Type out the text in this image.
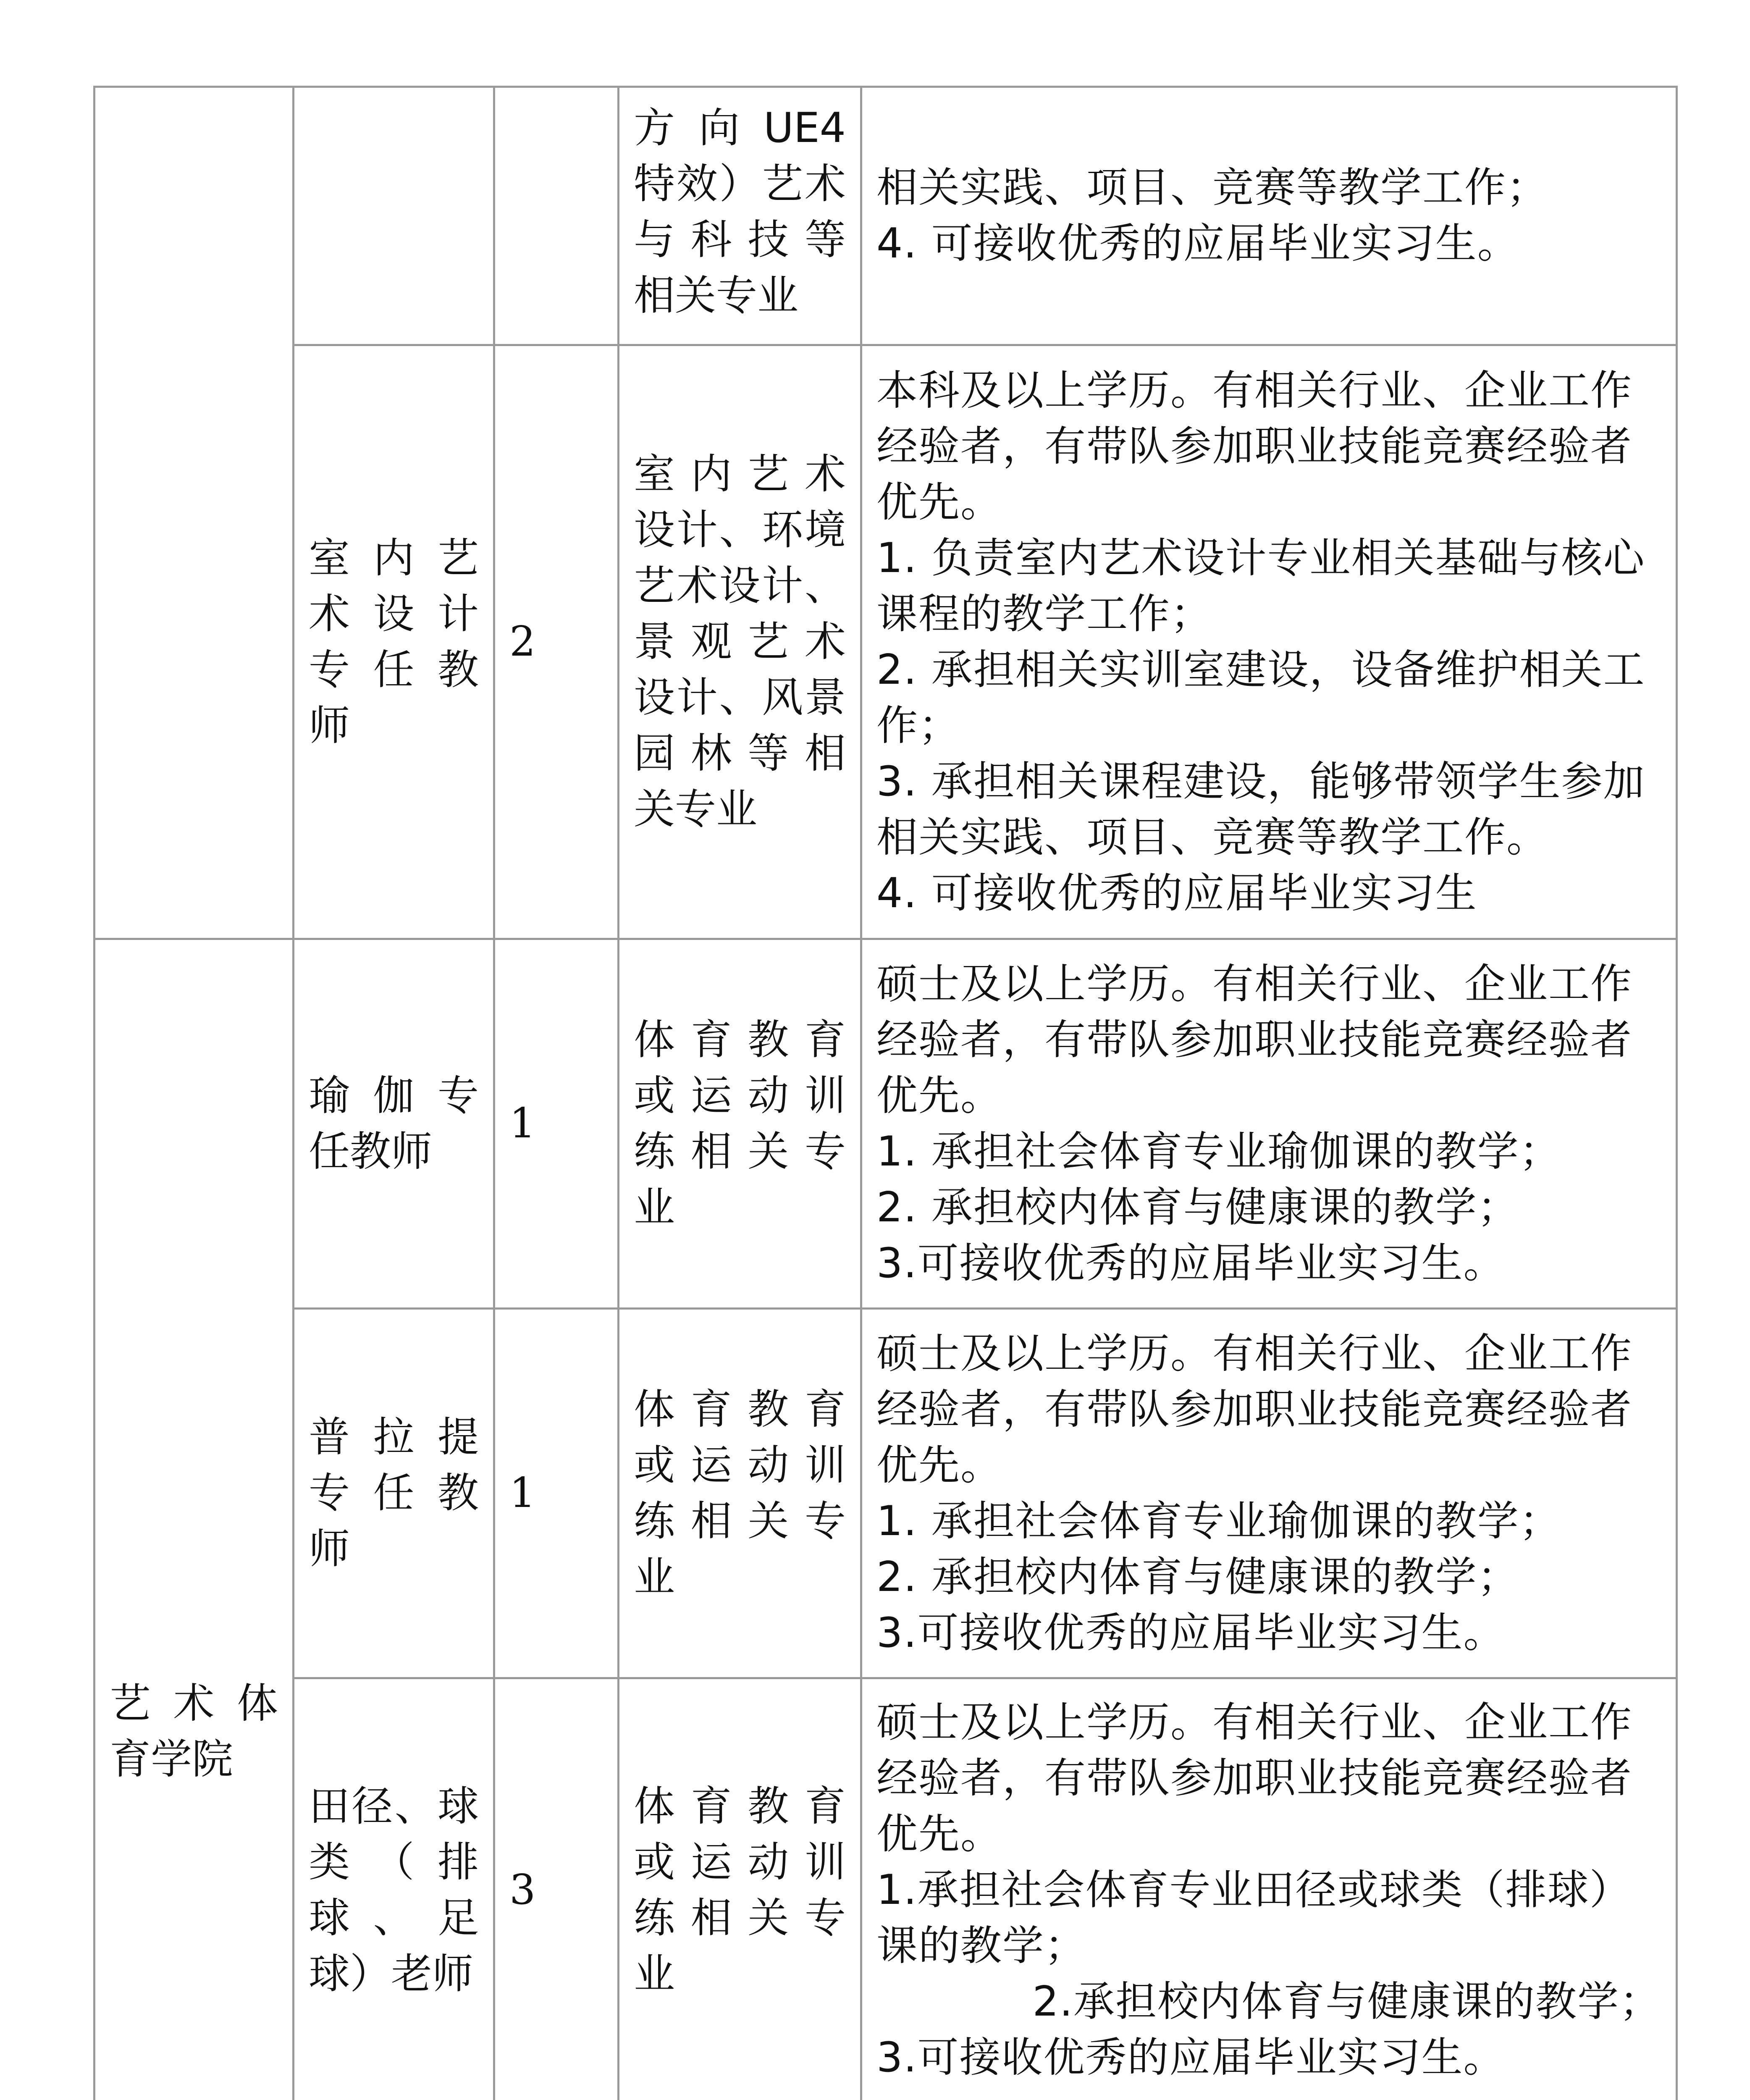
			方 向 UE4特效）艺术与 科 技 等相关专业	相关实践、项目、竞赛等教学工作；
4. 可接收优秀的应届毕业实习生。

	室 内 艺术 设 计专 任 教师	2	室 内 艺 术设计、环境艺术设计、景 观 艺 术设计、风景园 林 等 相关专业	本科及以上学历。有相关行业、企业工作经验者，有带队参加职业技能竞赛经验者优先。
1. 负责室内艺术设计专业相关基础与核心课程的教学工作；
2. 承担相关实训室建设，设备维护相关工作；
3. 承担相关课程建设，能够带领学生参加相关实践、项目、竞赛等教学工作。
4. 可接收优秀的应届毕业实习生

艺 术 体育学院	瑜 伽 专任教师	1	体 育 教 育或 运 动 训练 相 关 专业	硕士及以上学历。有相关行业、企业工作经验者，有带队参加职业技能竞赛经验者优先。
1. 承担社会体育专业瑜伽课的教学；
2. 承担校内体育与健康课的教学；
3.可接收优秀的应届毕业实习生。

	普 拉 提专 任 教师	1	体 育 教 育或 运 动 训练 相 关 专业	硕士及以上学历。有相关行业、企业工作经验者，有带队参加职业技能竞赛经验者优先。
1. 承担社会体育专业瑜伽课的教学；
2. 承担校内体育与健康课的教学；
3.可接收优秀的应届毕业实习生。

	田径、球类 （ 排球 、 足球）老师	3	体 育 教 育或 运 动 训练 相 关 专业	硕士及以上学历。有相关行业、企业工作经验者，有带队参加职业技能竞赛经验者优先。
1.承担社会体育专业田径或球类（排球）课的教学；
2.承担校内体育与健康课的教学；
3.可接收优秀的应届毕业实习生。
